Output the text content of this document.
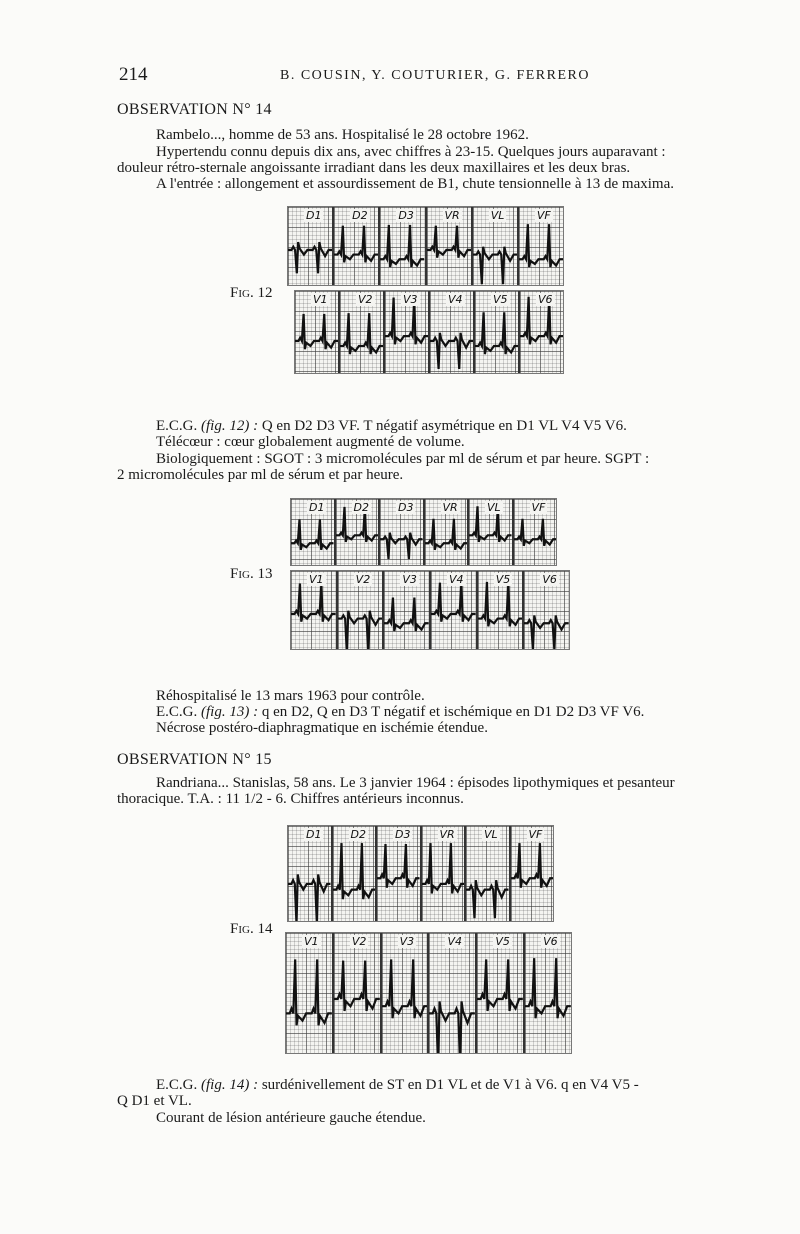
214	B. COUSIN, Y. COUTURIER, G. FERRERO
OBSERVATION N° 14
Rambelo..., homme de 53 ans. Hospitalisé le 28 octobre 1962.
Hypertendu connu depuis dix ans, avec chiffres à 23-15. Quelques jours auparavant :
douleur rétro-sternale angoissante irradiant dans les deux maxillaires et les deux bras.
A l'entrée : allongement et assourdissement de B1, chute tensionnelle à 13 de maxima.
Fig. 12
D1	D2	D3	VR	VL	VF
V1	V2	V3	V4	V5	V6
E.C.G. (fig. 12) : Q en D2 D3 VF. T négatif asymétrique en D1 VL V4 V5 V6.
Télécœur : cœur globalement augmenté de volume.
Biologiquement : SGOT : 3 micromolécules par ml de sérum et par heure. SGPT :
2 micromolécules par ml de sérum et par heure.
Fig. 13
D1	D2	D3	VR	VL	VF
V1	V2	V3	V4	V5	V6
Réhospitalisé le 13 mars 1963 pour contrôle.
E.C.G. (fig. 13) : q en D2, Q en D3 T négatif et ischémique en D1 D2 D3 VF V6.
Nécrose postéro-diaphragmatique en ischémie étendue.
OBSERVATION N° 15
Randriana... Stanislas, 58 ans. Le 3 janvier 1964 : épisodes lipothymiques et pesanteur
thoracique. T.A. : 11 1/2 - 6. Chiffres antérieurs inconnus.
Fig. 14
D1	D2	D3	VR	VL	VF
V1	V2	V3	V4	V5	V6
E.C.G. (fig. 14) : surdénivellement de ST en D1 VL et de V1 à V6. q en V4 V5 -
Q D1 et VL.
Courant de lésion antérieure gauche étendue.
